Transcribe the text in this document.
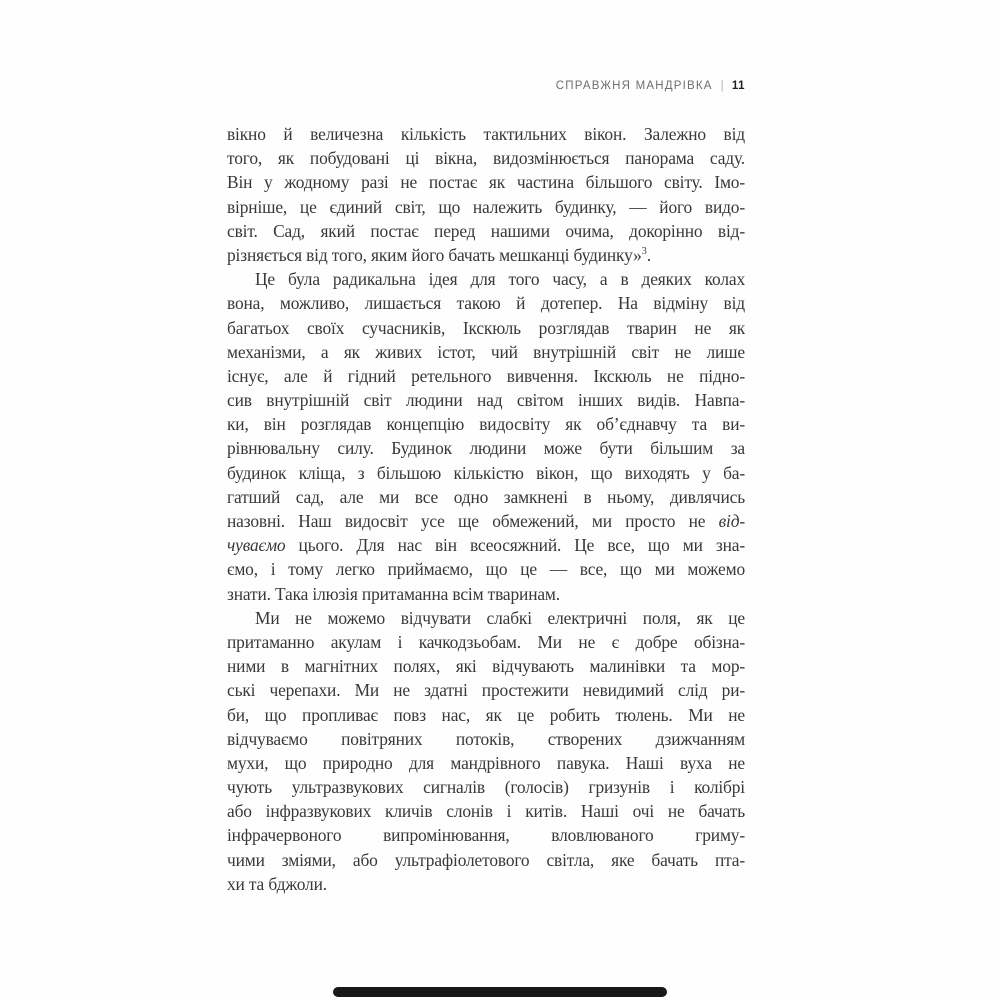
СПРАВЖНЯ МАНДРІВКА | 11
вікно й величезна кількість тактильних вікон. Залежно від
того, як побудовані ці вікна, видозмінюється панорама саду.
Він у жодному разі не постає як частина більшого світу. Імо-
вірніше, це єдиний світ, що належить будинку, — його видо-
світ. Сад, який постає перед нашими очима, докорінно від-
різняється від того, яким його бачать мешканці будинку»$^3$.
Це була радикальна ідея для того часу, а в деяких колах
вона, можливо, лишається такою й дотепер. На відміну від
багатьох своїх сучасників, Ікскюль розглядав тварин не як
механізми, а як живих істот, чий внутрішній світ не лише
існує, але й гідний ретельного вивчення. Ікскюль не підно-
сив внутрішній світ людини над світом інших видів. Навпа-
ки, він розглядав концепцію видосвіту як об’єднавчу та ви-
рівнювальну силу. Будинок людини може бути більшим за
будинок кліща, з більшою кількістю вікон, що виходять у ба-
гатший сад, але ми все одно замкнені в ньому, дивлячись
назовні. Наш видосвіт усе ще обмежений, ми просто не від-
чуваємо цього. Для нас він всеосяжний. Це все, що ми зна-
ємо, і тому легко приймаємо, що це — все, що ми можемо
знати. Така ілюзія притаманна всім тваринам.
Ми не можемо відчувати слабкі електричні поля, як це
притаманно акулам і качкодзьобам. Ми не є добре обізна-
ними в магнітних полях, які відчувають малинівки та мор-
ські черепахи. Ми не здатні простежити невидимий слід ри-
би, що пропливає повз нас, як це робить тюлень. Ми не
відчуваємо повітряних потоків, створених дзижчанням
мухи, що природно для мандрівного павука. Наші вуха не
чують ультразвукових сигналів (голосів) гризунів і колібрі
або інфразвукових кличів слонів і китів. Наші очі не бачать
інфрачервоного випромінювання, вловлюваного гриму-
чими зміями, або ультрафіолетового світла, яке бачать пта-
хи та бджоли.
